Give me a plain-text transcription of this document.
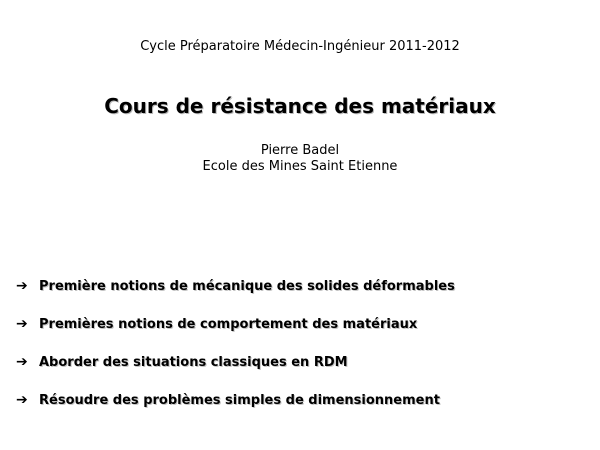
Cycle Préparatoire Médecin-Ingénieur 2011-2012
Cours de résistance des matériaux
Pierre Badel
Ecole des Mines Saint Etienne
➔ Première notions de mécanique des solides déformables
➔ Premières notions de comportement des matériaux
➔ Aborder des situations classiques en RDM
➔ Résoudre des problèmes simples de dimensionnement
